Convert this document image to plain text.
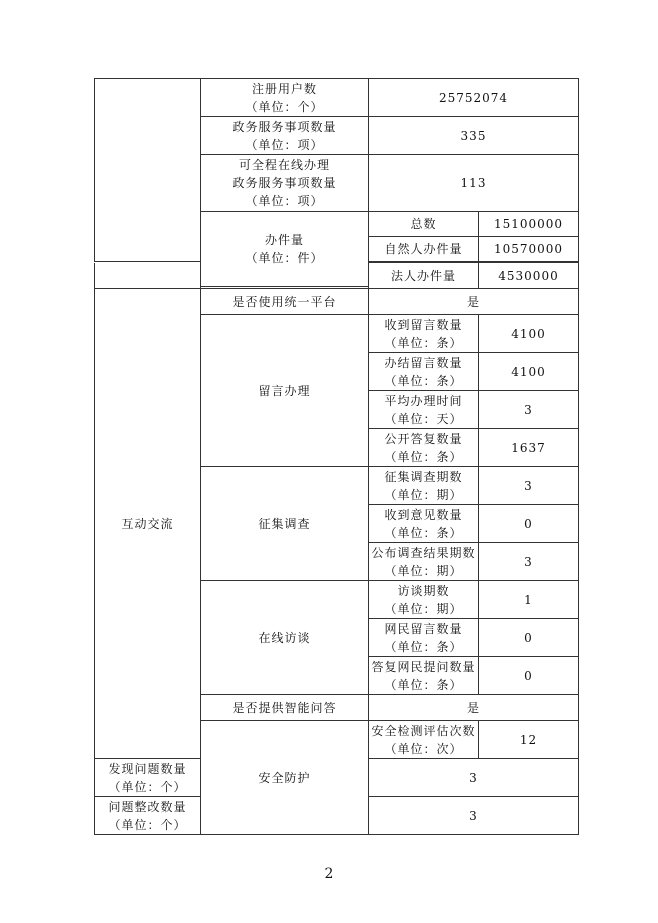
	注册用户数
（单位：个）	25752074	
	政务服务事项数量
（单位：项）	335	
	可全程在线办理
政务服务事项数量
（单位：项）	113	
	办件量
（单位：件）	总数	15100000
		自然人办件量	10570000

		法人办件量	4530000
互动交流	是否使用统一平台	是	
	留言办理	收到留言数量
（单位：条）	4100
		办结留言数量
（单位：条）	4100
		平均办理时间
（单位：天）	3
		公开答复数量
（单位：条）	1637
	征集调查	征集调查期数
（单位：期）	3
		收到意见数量
（单位：条）	0
		公布调查结果期数
（单位：期）	3
	在线访谈	访谈期数
（单位：期）	1
		网民留言数量
（单位：条）	0
		答复网民提问数量
（单位：条）	0
	是否提供智能问答	是	
	安全防护	安全检测评估次数
（单位：次）	12
发现问题数量
（单位：个）		3	
问题整改数量
（单位：个）		3	
2
